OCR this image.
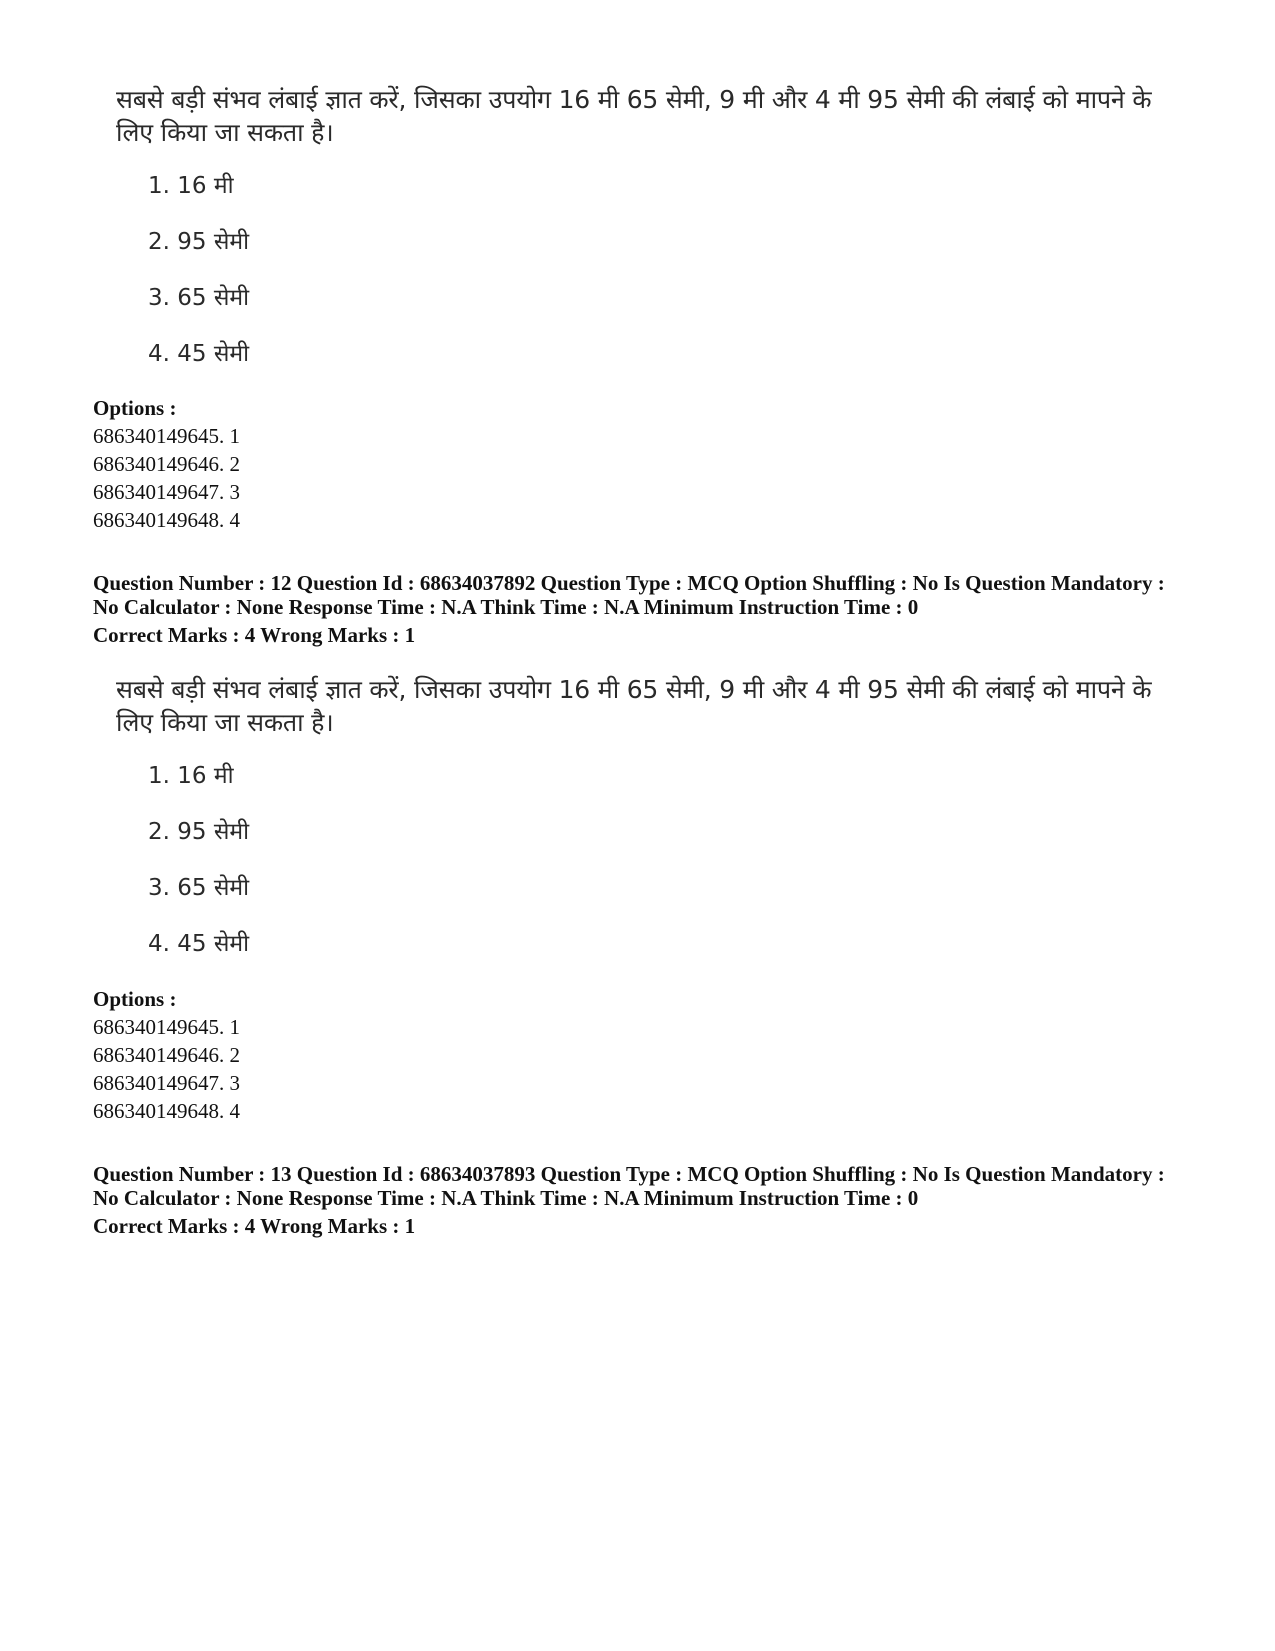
सबसे बड़ी संभव लंबाई ज्ञात करें, जिसका उपयोग 16 मी 65 सेमी, 9 मी और 4 मी 95 सेमी की लंबाई को मापने के लिए किया जा सकता है।
1. 16 मी
2. 95 सेमी
3. 65 सेमी
4. 45 सेमी
Options :
686340149645. 1
686340149646. 2
686340149647. 3
686340149648. 4
Question Number : 12 Question Id : 68634037892 Question Type : MCQ Option Shuffling : No Is Question Mandatory :
No Calculator : None Response Time : N.A Think Time : N.A Minimum Instruction Time : 0
Correct Marks : 4 Wrong Marks : 1
सबसे बड़ी संभव लंबाई ज्ञात करें, जिसका उपयोग 16 मी 65 सेमी, 9 मी और 4 मी 95 सेमी की लंबाई को मापने के लिए किया जा सकता है।
1. 16 मी
2. 95 सेमी
3. 65 सेमी
4. 45 सेमी
Options :
686340149645. 1
686340149646. 2
686340149647. 3
686340149648. 4
Question Number : 13 Question Id : 68634037893 Question Type : MCQ Option Shuffling : No Is Question Mandatory :
No Calculator : None Response Time : N.A Think Time : N.A Minimum Instruction Time : 0
Correct Marks : 4 Wrong Marks : 1
